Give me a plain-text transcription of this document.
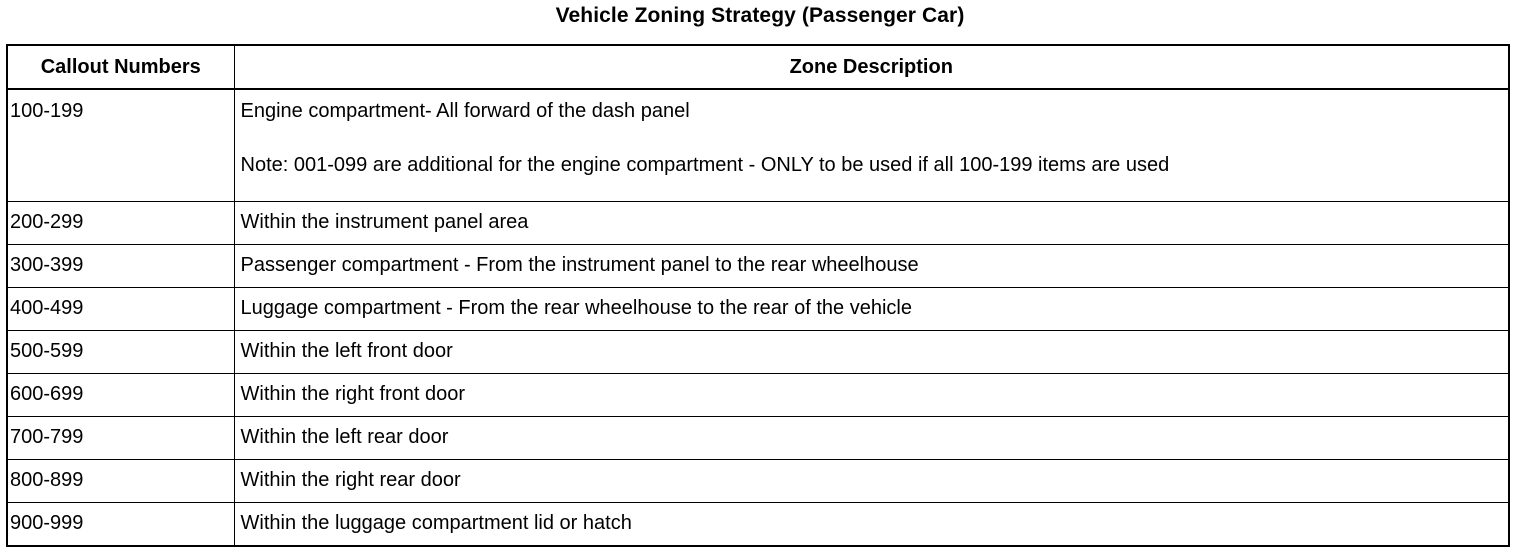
Vehicle Zoning Strategy (Passenger Car)
Callout Numbers	Zone Description
100-199	Engine compartment- All forward of the dash panel
Note: 001-099 are additional for the engine compartment - ONLY to be used if all 100-199 items are used

200-299	Within the instrument panel area
300-399	Passenger compartment - From the instrument panel to the rear wheelhouse
400-499	Luggage compartment - From the rear wheelhouse to the rear of the vehicle
500-599	Within the left front door
600-699	Within the right front door
700-799	Within the left rear door
800-899	Within the right rear door
900-999	Within the luggage compartment lid or hatch
